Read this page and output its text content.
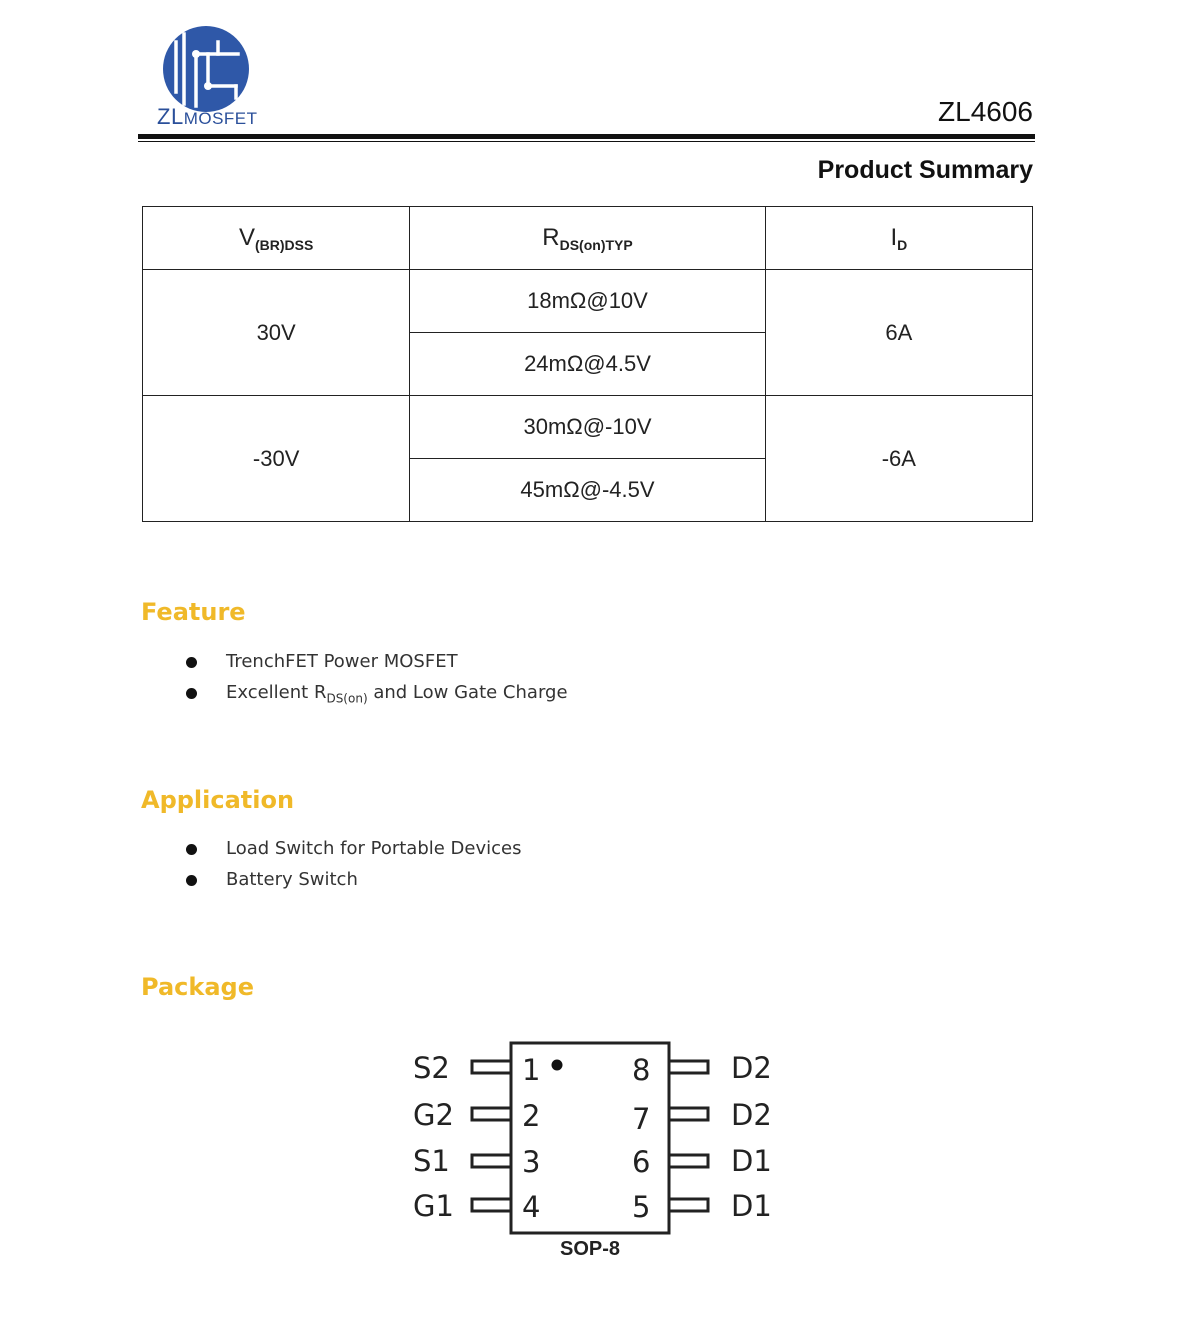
ZLMOSFET	ZL4606
Product Summary
$V_{(BR)DSS}$	$R_{DS(on)TYP}$	$I_D$
30V	18mΩ@10V	6A
	24mΩ@4.5V	
-30V	30mΩ@-10V	-6A
	45mΩ@-4.5V	
Feature
TrenchFET Power MOSFET
Excellent $R_{DS(on)}$ and Low Gate Charge
Application
Load Switch for Portable Devices
Battery Switch
Package
S2
G2
S1
G1
1
2
3
4
8
7
6
5
D2
D2
D1
D1
SOP-8
